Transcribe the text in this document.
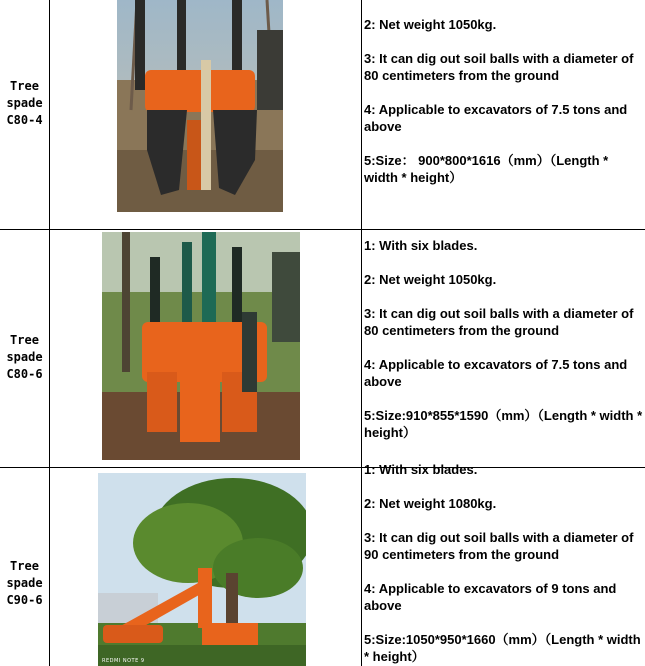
Tree
spade
C80-4

2: Net weight 1050kg.

3: It can dig out soil balls with a diameter of 80 centimeters from the ground

4: Applicable to excavators of 7.5 tons and above

5:Size： 900*800*1616（mm）（Length * width * height）

Tree
spade
C80-6

1: With six blades.

2: Net weight 1050kg.

3: It can dig out soil balls with a diameter of 80 centimeters from the ground

4: Applicable to excavators of 7.5 tons and above

5:Size:910*855*1590（mm）（Length * width * height）

Tree
spade
C90-6
REDMI NOTE 9

1: With six blades.

2: Net weight 1080kg.

3: It can dig out soil balls with a diameter of 90 centimeters from the ground

4: Applicable to excavators of 9 tons and above

5:Size:1050*950*1660（mm）（Length * width * height）
